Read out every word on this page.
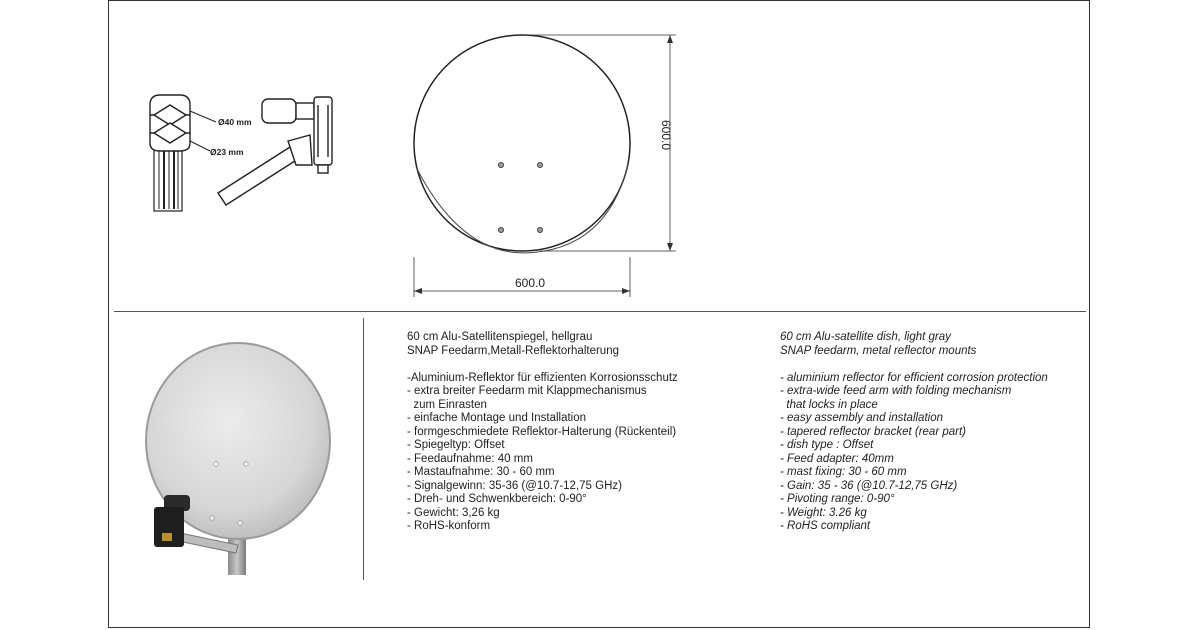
Ø40 mm
Ø23 mm
600.0
600.0

60 cm Alu-Satellitenspiegel, hellgrau

SNAP Feedarm,Metall-Reflektorhalterung

-Aluminium-Reflektor für effizienten Korrosionsschutz

- extra breiter Feedarm mit Klappmechanismus

zum Einrasten

- einfache Montage und Installation

- formgeschmiedete Reflektor-Halterung (Rückenteil)

- Spiegeltyp: Offset

- Feedaufnahme: 40 mm

- Mastaufnahme: 30 - 60 mm

- Signalgewinn: 35-36 (@10.7-12,75 GHz)

- Dreh- und Schwenkbereich: 0-90°

- Gewicht: 3,26 kg

- RoHS-konform

60 cm Alu-satellite dish, light gray

SNAP feedarm, metal reflector mounts

- aluminium reflector for efficient corrosion protection

- extra-wide feed arm with folding mechanism

that locks in place

- easy assembly and installation

- tapered reflector bracket (rear part)

- dish type : Offset

- Feed adapter: 40mm

- mast fixing: 30 - 60 mm

- Gain: 35 - 36 (@10.7-12,75 GHz)

- Pivoting range: 0-90°

- Weight: 3.26 kg

- RoHS compliant
